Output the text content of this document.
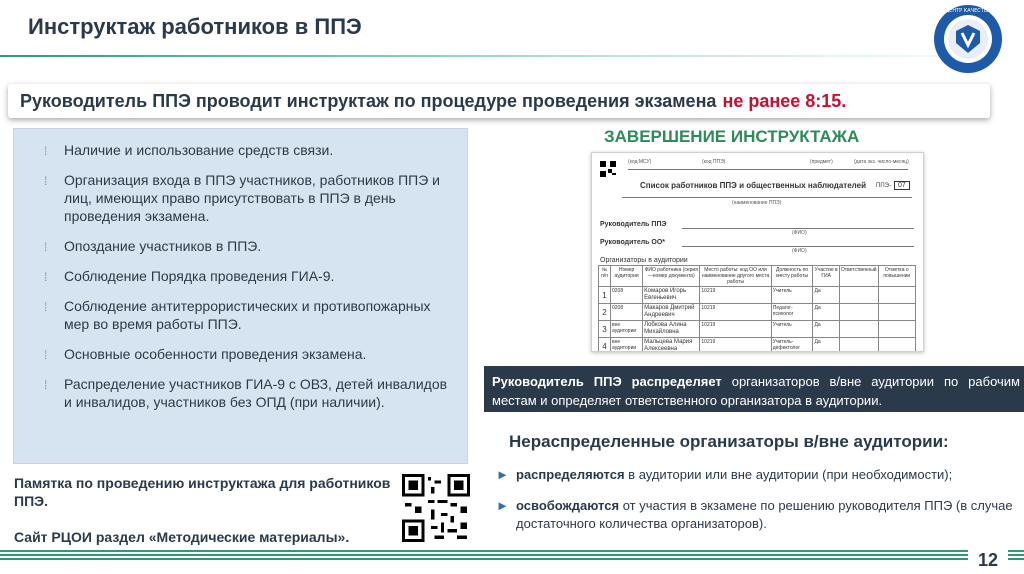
Инструктаж работников в ППЭ
ЦЕНТР КАЧЕСТВА
Руководитель ППЭ проводит инструктаж по процедуре проведения экзамена не ранее 8:15.
⁞ Наличие и использование средств связи.
⁞ Организация входа в ППЭ участников, работников ППЭ и лиц, имеющих право присутствовать в ППЭ в день проведения экзамена.
⁞ Опоздание участников в ППЭ.
⁞ Соблюдение Порядка проведения ГИА-9.
⁞ Соблюдение антитеррористических и противопожарных мер во время работы ППЭ.
⁞ Основные особенности проведения экзамена.
⁞ Распределение участников ГИА-9 с ОВЗ, детей инвалидов и инвалидов, участников без ОПД (при наличии).
Памятка по проведению инструктажа для работников ППЭ.
Сайт РЦОИ раздел «Методические материалы».
ЗАВЕРШЕНИЕ ИНСТРУКТАЖА
(код МСУ)	(код ППЭ)	(предмет)	(дата экз. число-месяц)
Список работников ППЭ и общественных наблюдателей ППЭ-	07
(наименование ППЭ)
Руководитель ППЭ
(ФИО)
Руководитель ОО*
(ФИО)
Организаторы в аудитории
№ п/п	Номер аудитории	ФИО работника (серия—номер документа)	Место работы: код ОО или наименование другого места работы	Должность по месту работы	Участие в ГИА	Ответственный	Отметка о повышении
1	0208	Комаров Игорь Евгеньевич	10219	Учитель	Да		
2	0208	Макаров Дмитрий Андреевич	10219	Педагог-психолог	Да		
3	вне аудитории	Лобкова Алина Михайловна	10219	Учитель	Да		
4	вне аудитории	Мальцева Мария Алексеевна	10219	Учитель-дефектолог	Да		
Руководитель ППЭ распределяет организаторов в/вне аудитории по рабочим местам и определяет ответственного организатора в аудитории.
Нераспределенные организаторы в/вне аудитории:
► распределяются в аудитории или вне аудитории (при необходимости);
► освобождаются от участия в экзамене по решению руководителя ППЭ (в случае достаточного количества организаторов).
12
